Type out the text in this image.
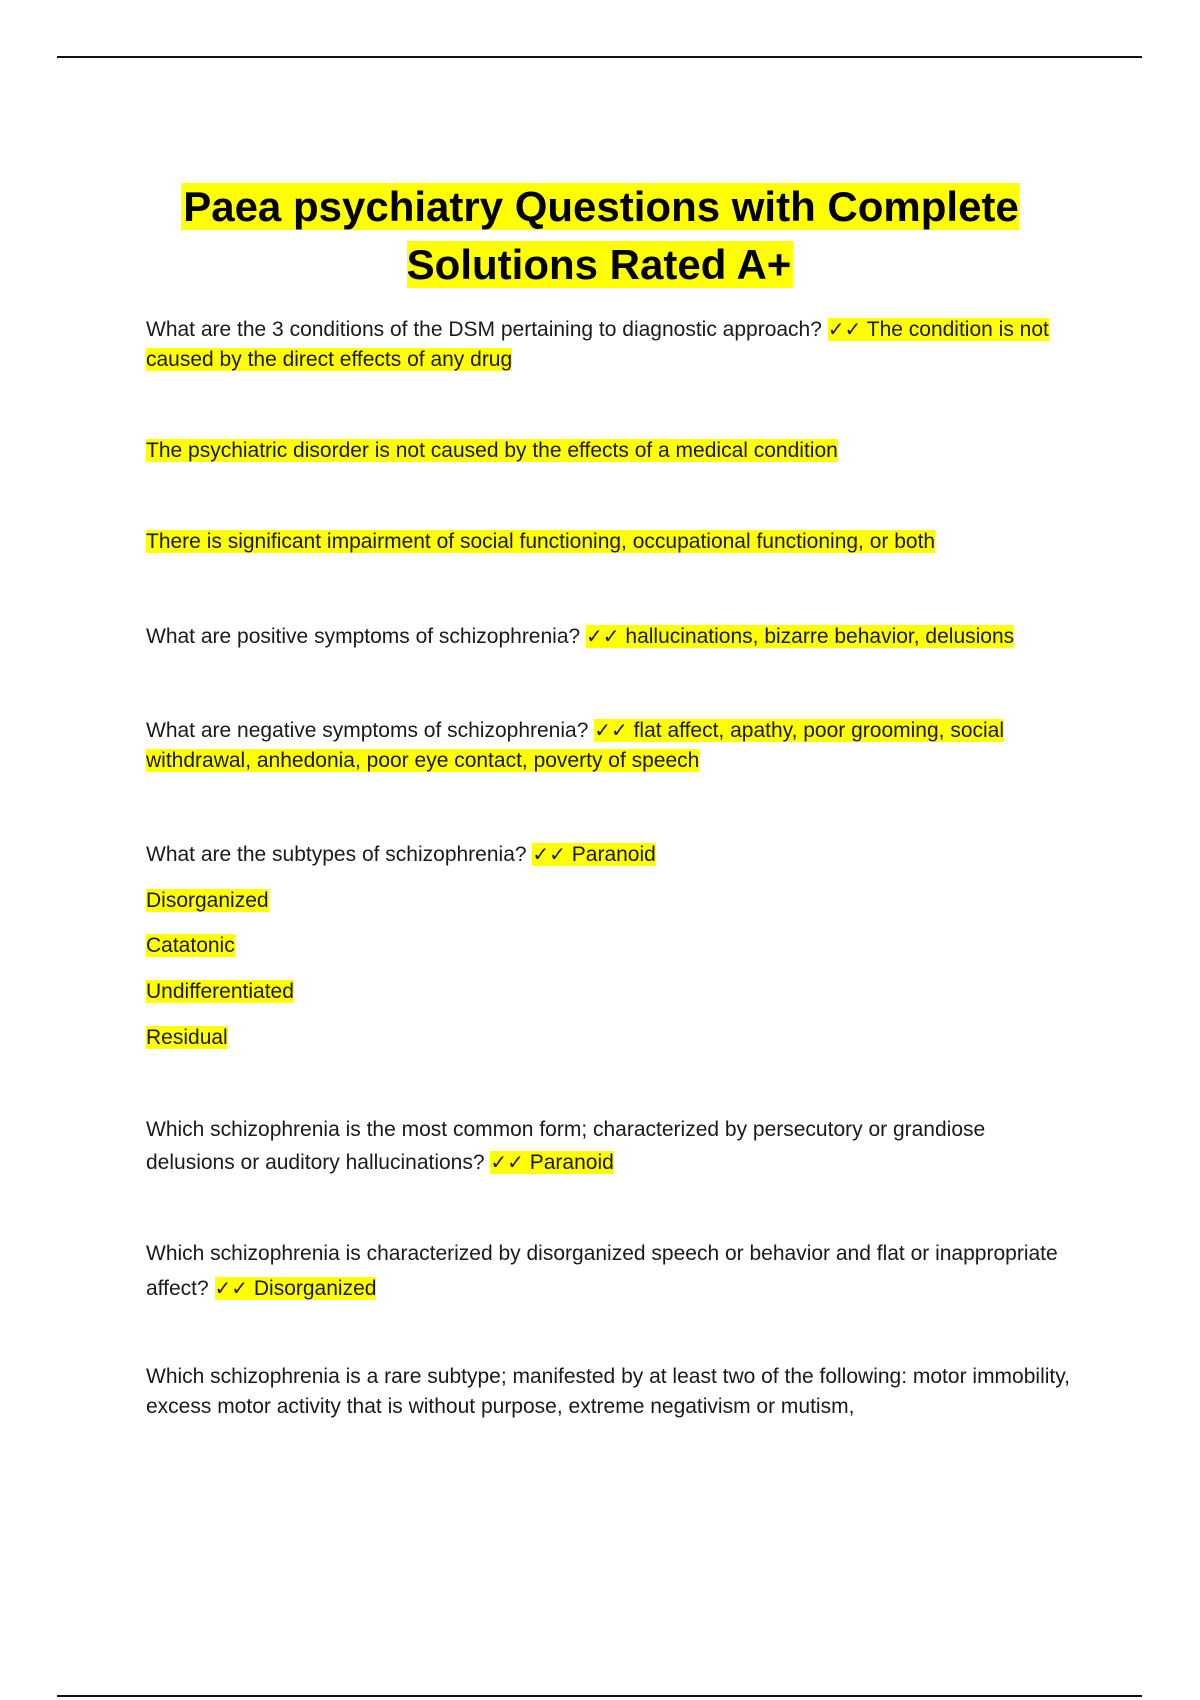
Paea psychiatry Questions with Complete Solutions Rated A+
What are the 3 conditions of the DSM pertaining to diagnostic approach? ✓✓ The condition is not caused by the direct effects of any drug
The psychiatric disorder is not caused by the effects of a medical condition
There is significant impairment of social functioning, occupational functioning, or both
What are positive symptoms of schizophrenia? ✓✓ hallucinations, bizarre behavior, delusions
What are negative symptoms of schizophrenia? ✓✓ flat affect, apathy, poor grooming, social withdrawal, anhedonia, poor eye contact, poverty of speech
What are the subtypes of schizophrenia? ✓✓ Paranoid
Disorganized
Catatonic
Undifferentiated
Residual
Which schizophrenia is the most common form; characterized by persecutory or grandiose delusions or auditory hallucinations? ✓✓ Paranoid
Which schizophrenia is characterized by disorganized speech or behavior and flat or inappropriate affect? ✓✓ Disorganized
Which schizophrenia is a rare subtype; manifested by at least two of the following: motor immobility, excess motor activity that is without purpose, extreme negativism or mutism,
